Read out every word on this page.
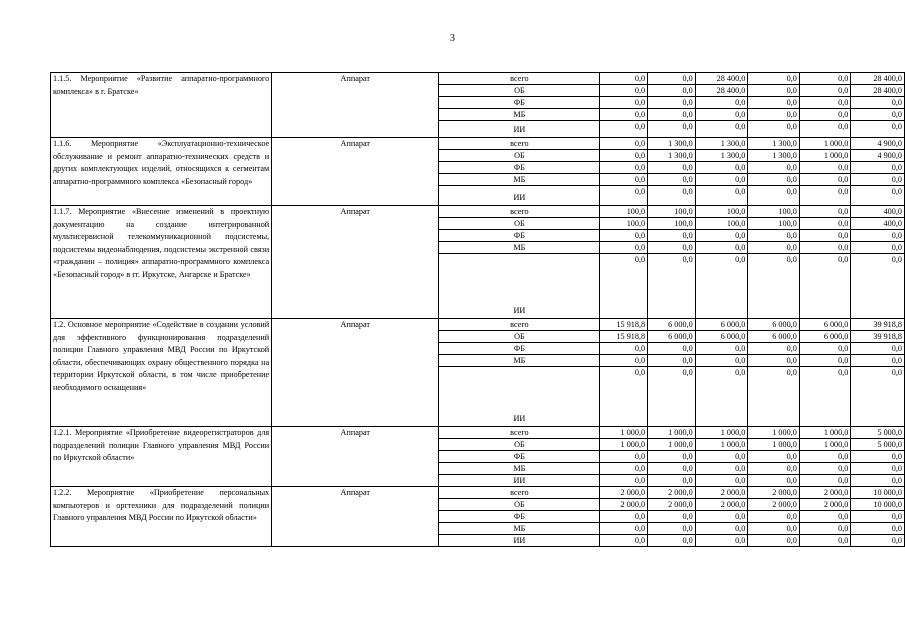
3
1.1.5. Мероприятие «Развитие аппаратно-программного комплекса» в г. Братске»	Аппарат	всего	0,0	0,0	28 400,0	0,0	0,0	28 400,0
		ОБ	0,0	0,0	28 400,0	0,0	0,0	28 400,0
		ФБ	0,0	0,0	0,0	0,0	0,0	0,0
		МБ	0,0	0,0	0,0	0,0	0,0	0,0
		ИИ	0,0	0,0	0,0	0,0	0,0	0,0
1.1.6. Мероприятие «Эксплуатационно-техническое обслуживание и ремонт аппаратно-технических средств и других комплектующих изделий, относящихся к сегментам аппаратно-программного комплекса «Безопасный город»	Аппарат	всего	0,0	1 300,0	1 300,0	1 300,0	1 000,0	4 900,0
		ОБ	0,0	1 300,0	1 300,0	1 300,0	1 000,0	4 900,0
		ФБ	0,0	0,0	0,0	0,0	0,0	0,0
		МБ	0,0	0,0	0,0	0,0	0,0	0,0
		ИИ	0,0	0,0	0,0	0,0	0,0	0,0
1.1.7. Мероприятие «Внесение изменений в проектную документацию на создание интегрированной мультисервисной телекоммуникационной подсистемы, подсистемы видеонаблюдения, подсистемы экстренной связи «гражданин – полиция» аппаратно-программного комплекса «Безопасный город» в гг. Иркутске, Ангарске и Братске»	Аппарат	всего	100,0	100,0	100,0	100,0	0,0	400,0
		ОБ	100,0	100,0	100,0	100,0	0,0	400,0
		ФБ	0,0	0,0	0,0	0,0	0,0	0,0
		МБ	0,0	0,0	0,0	0,0	0,0	0,0
		ИИ	0,0	0,0	0,0	0,0	0,0	0,0
1.2. Основное мероприятие «Содействие в создании условий для эффективного функционирования подразделений полиции Главного управления МВД России по Иркутской области, обеспечивающих охрану общественного порядка на территории Иркутской области, в том числе приобретение необходимого оснащения»	Аппарат	всего	15 918,8	6 000,0	6 000,0	6 000,0	6 000,0	39 918,8
		ОБ	15 918,8	6 000,0	6 000,0	6 000,0	6 000,0	39 918,8
		ФБ	0,0	0,0	0,0	0,0	0,0	0,0
		МБ	0,0	0,0	0,0	0,0	0,0	0,0
		ИИ	0,0	0,0	0,0	0,0	0,0	0,0
1.2.1. Мероприятие «Приобретение видеорегистраторов для подразделений полиции Главного управления МВД России по Иркутской области»	Аппарат	всего	1 000,0	1 000,0	1 000,0	1 000,0	1 000,0	5 000,0
		ОБ	1 000,0	1 000,0	1 000,0	1 000,0	1 000,0	5 000,0
		ФБ	0,0	0,0	0,0	0,0	0,0	0,0
		МБ	0,0	0,0	0,0	0,0	0,0	0,0
		ИИ	0,0	0,0	0,0	0,0	0,0	0,0
1.2.2. Мероприятие «Приобретение персональных компьютеров и оргтехники для подразделений полиции Главного управления МВД России по Иркутской области»	Аппарат	всего	2 000,0	2 000,0	2 000,0	2 000,0	2 000,0	10 000,0
		ОБ	2 000,0	2 000,0	2 000,0	2 000,0	2 000,0	10 000,0
		ФБ	0,0	0,0	0,0	0,0	0,0	0,0
		МБ	0,0	0,0	0,0	0,0	0,0	0,0
		ИИ	0,0	0,0	0,0	0,0	0,0	0,0
